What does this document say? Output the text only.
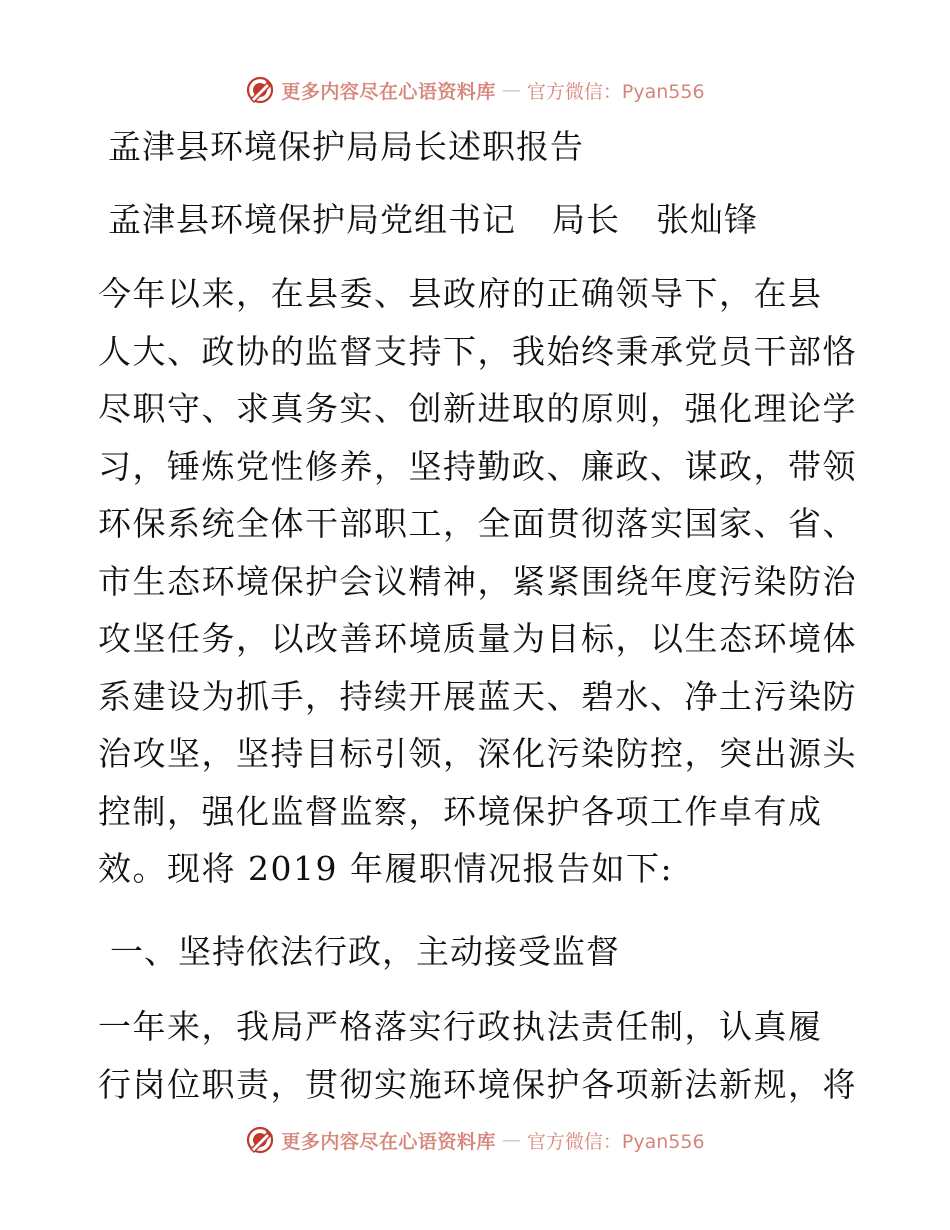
更多内容尽在心语资料库 — 官方微信：Pyan556
孟津县环境保护局局长述职报告
孟津县环境保护局党组书记 局长 张灿锋
今年以来，在县委、县政府的正确领导下，在县
人大、政协的监督支持下，我始终秉承党员干部恪
尽职守、求真务实、创新进取的原则，强化理论学
习，锤炼党性修养，坚持勤政、廉政、谋政，带领
环保系统全体干部职工，全面贯彻落实国家、省、
市生态环境保护会议精神，紧紧围绕年度污染防治
攻坚任务，以改善环境质量为目标，以生态环境体
系建设为抓手，持续开展蓝天、碧水、净土污染防
治攻坚，坚持目标引领，深化污染防控，突出源头
控制，强化监督监察，环境保护各项工作卓有成
效。现将 2019 年履职情况报告如下:
一、坚持依法行政，主动接受监督
一年来，我局严格落实行政执法责任制，认真履
行岗位职责，贯彻实施环境保护各项新法新规，将
更多内容尽在心语资料库 — 官方微信：Pyan556
